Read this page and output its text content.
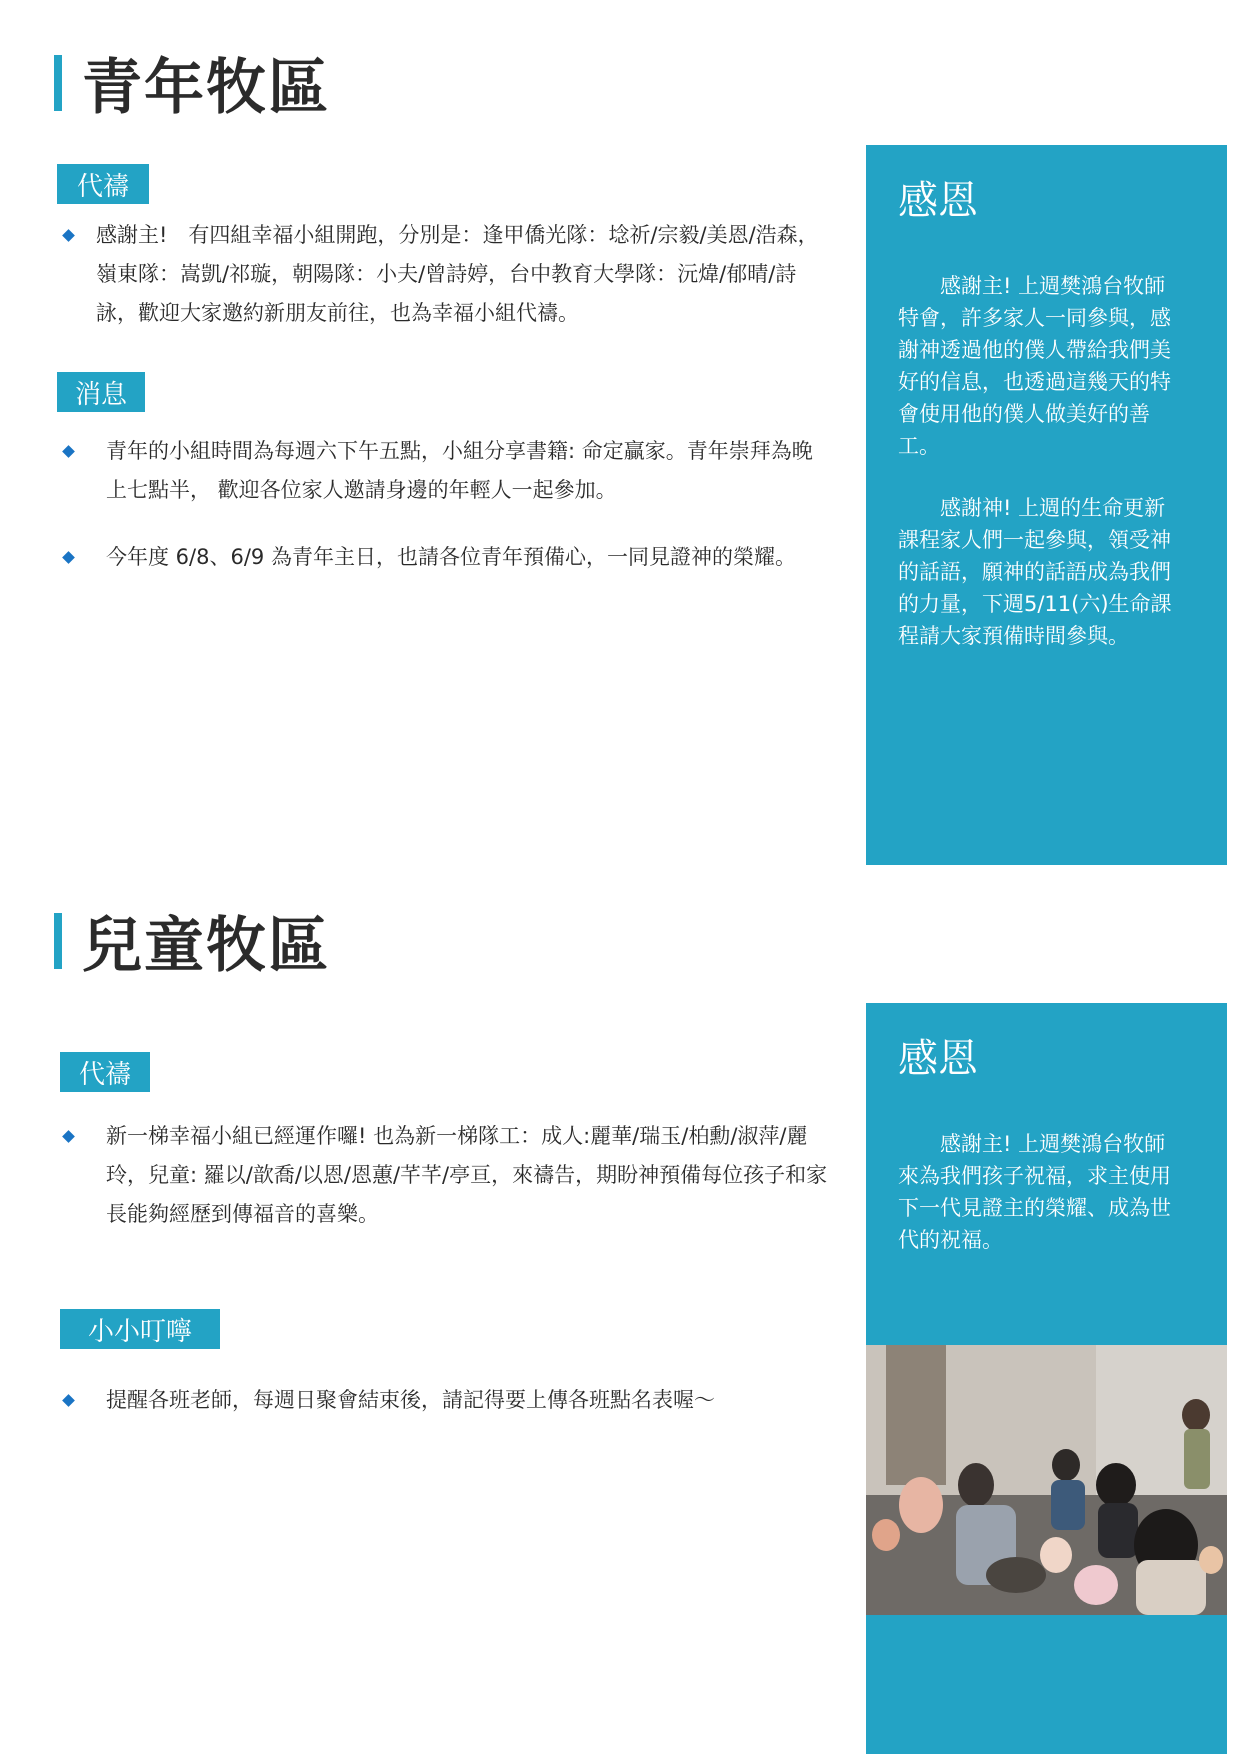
青年牧區
代禱
感謝主!　有四組幸福小組開跑，分別是：逢甲僑光隊：埝祈/宗毅/美恩/浩森，嶺東隊：嵩凱/祁璇，朝陽隊：小夫/曾詩婷，台中教育大學隊：沅煒/郁晴/詩詠，歡迎大家邀約新朋友前往，也為幸福小組代禱。
消息
青年的小組時間為每週六下午五點，小組分享書籍: 命定贏家。青年崇拜為晚上七點半， 歡迎各位家人邀請身邊的年輕人一起參加。
今年度 6/8、6/9 為青年主日，也請各位青年預備心，一同見證神的榮耀。
感恩

感謝主! 上週樊鴻台牧師特會，許多家人一同參與，感謝神透過他的僕人帶給我們美好的信息，也透過這幾天的特會使用他的僕人做美好的善工。

感謝神! 上週的生命更新課程家人們一起參與，領受神的話語，願神的話語成為我們的力量，下週5/11(六)生命課程請大家預備時間參與。

兒童牧區
代禱
新一梯幸福小組已經運作囉! 也為新一梯隊工：成人:麗華/瑞玉/柏勳/淑萍/麗玲，兒童: 羅以/歆喬/以恩/恩蕙/芊芊/亭亘，來禱告，期盼神預備每位孩子和家長能夠經歷到傳福音的喜樂。
小小叮嚀
提醒各班老師，每週日聚會結束後，請記得要上傳各班點名表喔～
感恩

感謝主! 上週樊鴻台牧師來為我們孩子祝福，求主使用下一代見證主的榮耀、成為世代的祝福。
